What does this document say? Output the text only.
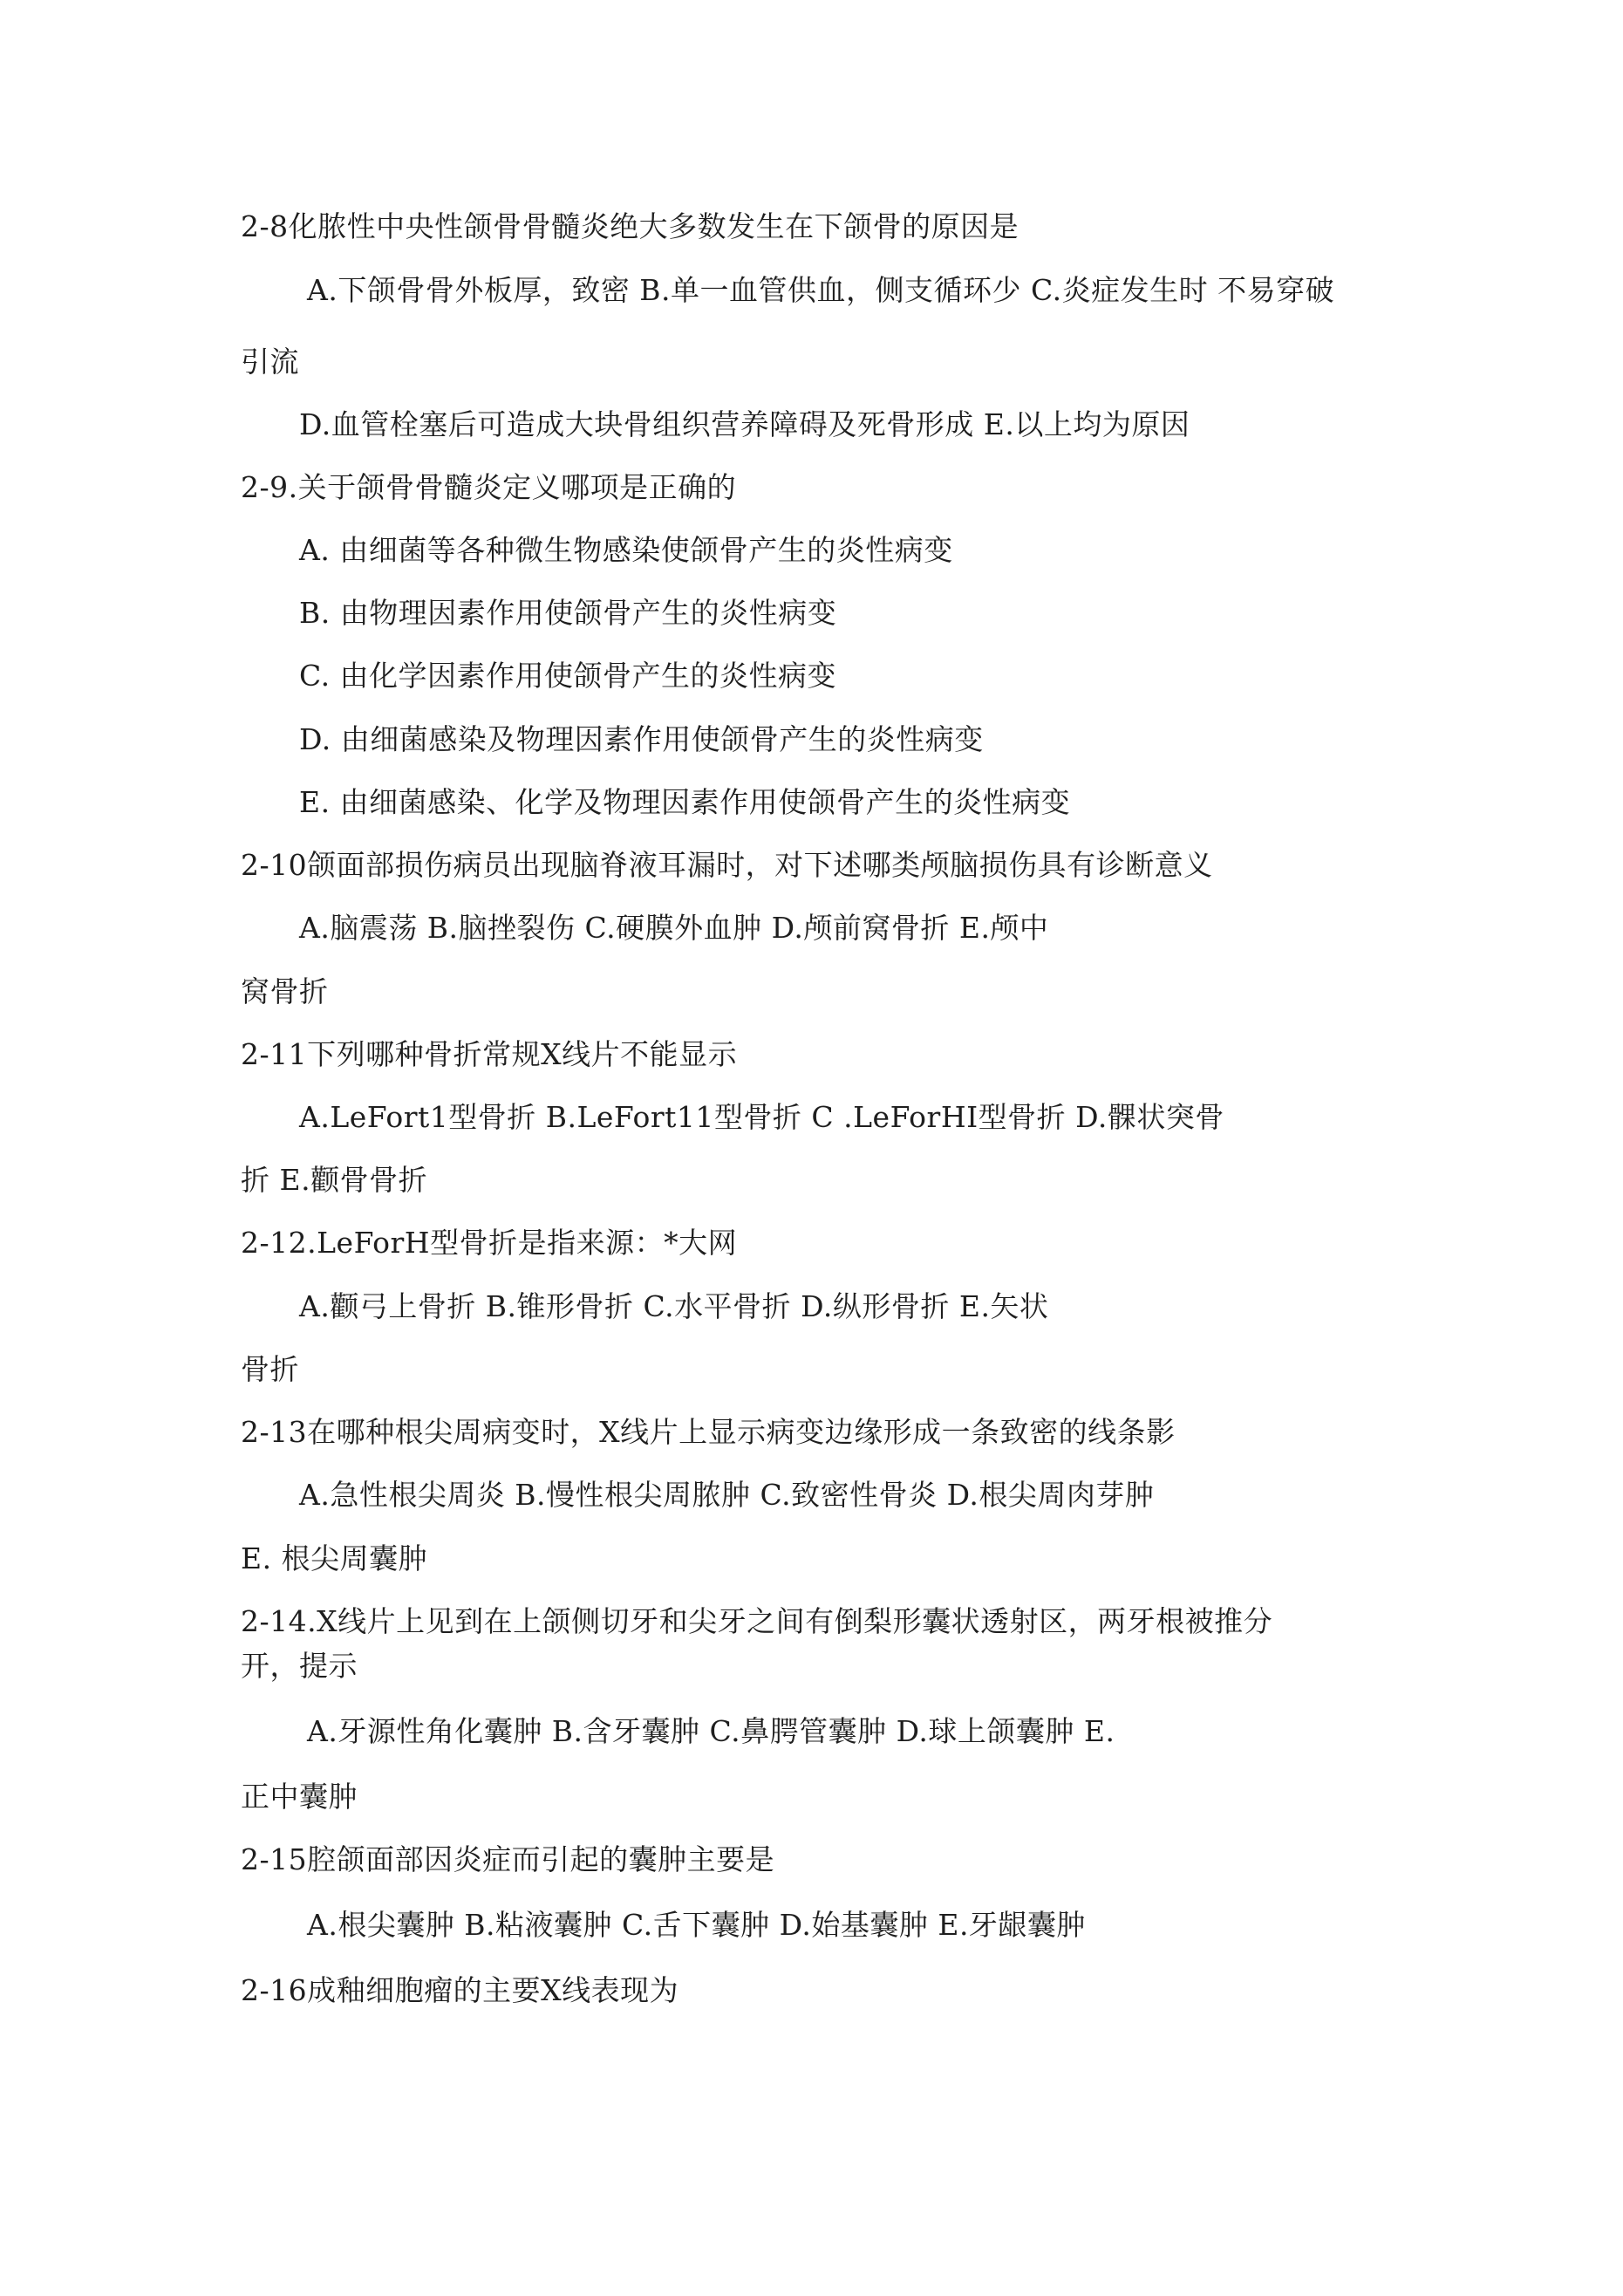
2-8化脓性中央性颌骨骨髓炎绝大多数发生在下颌骨的原因是
A.下颌骨骨外板厚，致密 B.单一血管供血，侧支循环少 C.炎症发生时 不易穿破
引流
D.血管栓塞后可造成大块骨组织营养障碍及死骨形成 E.以上均为原因
2-9.关于颌骨骨髓炎定义哪项是正确的
A. 由细菌等各种微生物感染使颌骨产生的炎性病变
B. 由物理因素作用使颌骨产生的炎性病变
C. 由化学因素作用使颌骨产生的炎性病变
D. 由细菌感染及物理因素作用使颌骨产生的炎性病变
E. 由细菌感染、化学及物理因素作用使颌骨产生的炎性病变
2-10颌面部损伤病员出现脑脊液耳漏时，对下述哪类颅脑损伤具有诊断意义
A.脑震荡 B.脑挫裂伤 C.硬膜外血肿 D.颅前窝骨折 E.颅中
窝骨折
2-11下列哪种骨折常规X线片不能显示
A.LeFort1型骨折 B.LeFort11型骨折 C .LeForHI型骨折 D.髁状突骨
折 E.颧骨骨折
2-12.LeForH型骨折是指来源：*大网
A.颧弓上骨折 B.锥形骨折 C.水平骨折 D.纵形骨折 E.矢状
骨折
2-13在哪种根尖周病变时，X线片上显示病变边缘形成一条致密的线条影
A.急性根尖周炎 B.慢性根尖周脓肿 C.致密性骨炎 D.根尖周肉芽肿
E. 根尖周囊肿
2-14.X线片上见到在上颌侧切牙和尖牙之间有倒梨形囊状透射区，两牙根被推分
开，提示
A.牙源性角化囊肿 B.含牙囊肿 C.鼻腭管囊肿 D.球上颌囊肿 E.
正中囊肿
2-15腔颌面部因炎症而引起的囊肿主要是
A.根尖囊肿 B.粘液囊肿 C.舌下囊肿 D.始基囊肿 E.牙龈囊肿
2-16成釉细胞瘤的主要X线表现为
